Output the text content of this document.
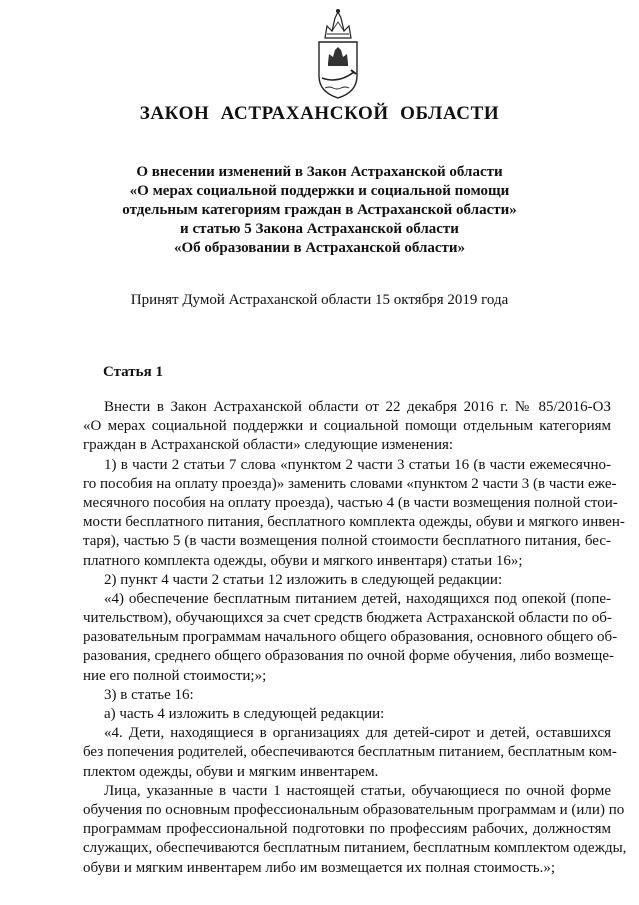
ЗАКОН АСТРАХАНСКОЙ ОБЛАСТИ
О внесении изменений в Закон Астраханской области
«О мерах социальной поддержки и социальной помощи
отдельным категориям граждан в Астраханской области»
и статью 5 Закона Астраханской области
«Об образовании в Астраханской области»
Принят Думой Астраханской области 15 октября 2019 года
Статья 1
Внести в Закон Астраханской области от 22 декабря 2016 г. № 85/2016-ОЗ
«О мерах социальной поддержки и социальной помощи отдельным категориям
граждан в Астраханской области» следующие изменения:
1) в части 2 статьи 7 слова «пунктом 2 части 3 статьи 16 (в части ежемесячно-
го пособия на оплату проезда)» заменить словами «пунктом 2 части 3 (в части еже-
месячного пособия на оплату проезда), частью 4 (в части возмещения полной стои-
мости бесплатного питания, бесплатного комплекта одежды, обуви и мягкого инвен-
таря), частью 5 (в части возмещения полной стоимости бесплатного питания, бес-
платного комплекта одежды, обуви и мягкого инвентаря) статьи 16»;
2) пункт 4 части 2 статьи 12 изложить в следующей редакции:
«4) обеспечение бесплатным питанием детей, находящихся под опекой (попе-
чительством), обучающихся за счет средств бюджета Астраханской области по об-
разовательным программам начального общего образования, основного общего об-
разования, среднего общего образования по очной форме обучения, либо возмеще-
ние его полной стоимости;»;
3) в статье 16:
а) часть 4 изложить в следующей редакции:
«4. Дети, находящиеся в организациях для детей-сирот и детей, оставшихся
без попечения родителей, обеспечиваются бесплатным питанием, бесплатным ком-
плектом одежды, обуви и мягким инвентарем.
Лица, указанные в части 1 настоящей статьи, обучающиеся по очной форме
обучения по основным профессиональным образовательным программам и (или) по
программам профессиональной подготовки по профессиям рабочих, должностям
служащих, обеспечиваются бесплатным питанием, бесплатным комплектом одежды,
обуви и мягким инвентарем либо им возмещается их полная стоимость.»;
